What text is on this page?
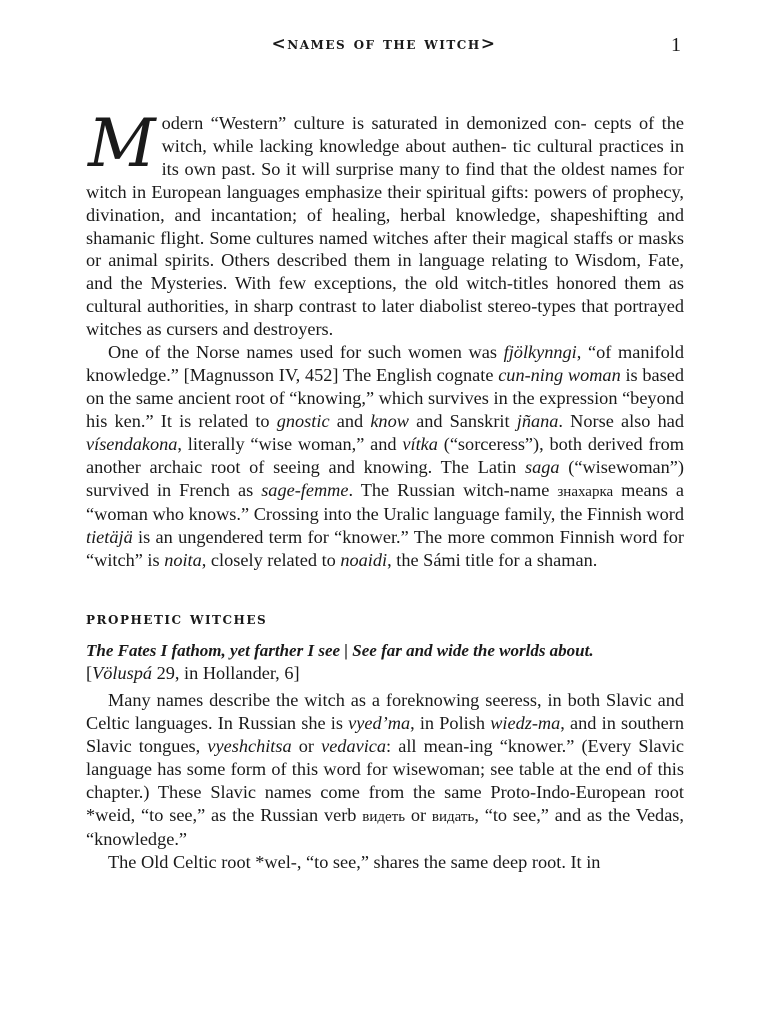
<names of the witch>	1

Modern “Western” culture is saturated in demonized con- cepts of the witch, while lacking knowledge about authen- tic cultural practices in its own past. So it will surprise many to find that the oldest names for witch in European languages emphasize their spiritual gifts: powers of prophecy, divination, and incantation; of healing, herbal knowledge, shapeshifting and shamanic flight. Some cultures named witches after their magical staffs or masks or animal spirits. Others described them in language relating to Wisdom, Fate, and the Mysteries. With few exceptions, the old witch-titles honored them as cultural authorities, in sharp contrast to later diabolist stereo-types that portrayed witches as cursers and destroyers.

One of the Norse names used for such women was fjölkynngi, “of manifold knowledge.” [Magnusson IV, 452] The English cognate cun-ning woman is based on the same ancient root of “knowing,” which survives in the expression “beyond his ken.” It is related to gnostic and know and Sanskrit jñana. Norse also had vísendakona, literally “wise woman,” and vítka (“sorceress”), both derived from another archaic root of seeing and knowing. The Latin saga (“wisewoman”) survived in French as sage-femme. The Russian witch-name знахарка means a “woman who knows.” Crossing into the Uralic language family, the Finnish word tietäjä is an ungendered term for “knower.” The more common Finnish word for “witch” is noita, closely related to noaidi, the Sámi title for a shaman.

prophetic witches

The Fates I fathom, yet farther I see | See far and wide the worlds about.

[Völuspá 29, in Hollander, 6]

Many names describe the witch as a foreknowing seeress, in both Slavic and Celtic languages. In Russian she is vyed’ma, in Polish wiedz-ma, and in southern Slavic tongues, vyeshchitsa or vedavica: all mean-ing “knower.” (Every Slavic language has some form of this word for wisewoman; see table at the end of this chapter.) These Slavic names come from the same Proto-Indo-European root *weid, “to see,” as the Russian verb видеть or видать, “to see,” and as the Vedas, “knowledge.”

The Old Celtic root *wel-, “to see,” shares the same deep root. It in
